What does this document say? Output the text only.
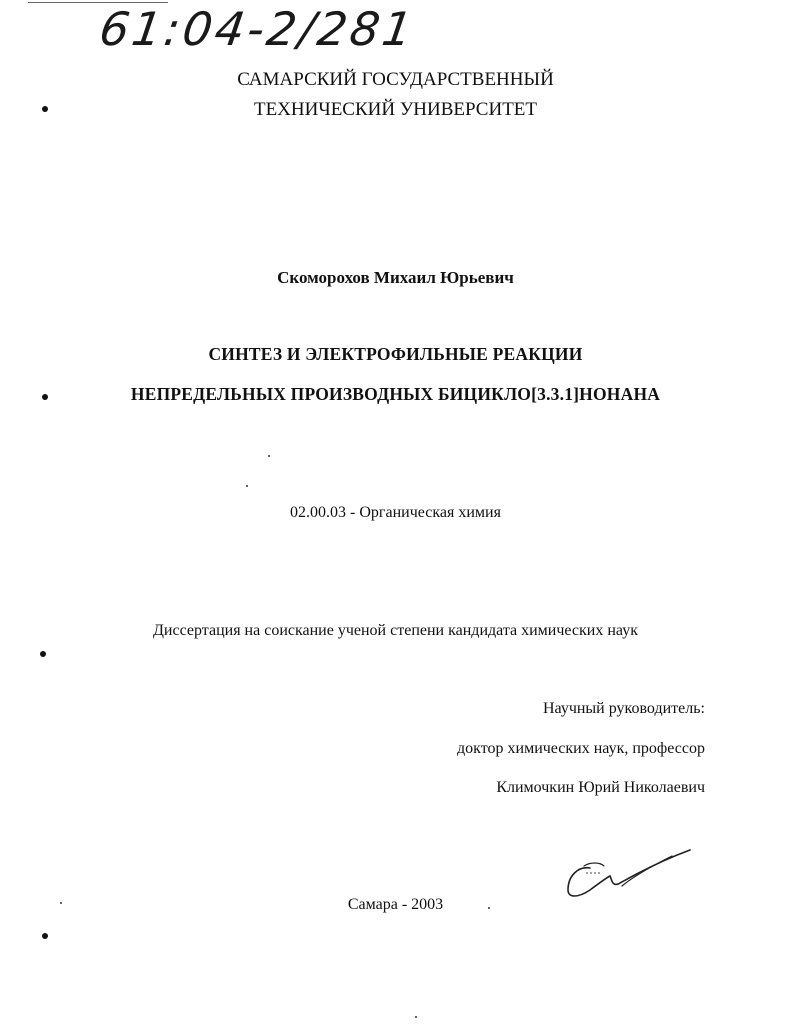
61:04-2/281
САМАРСКИЙ ГОСУДАРСТВЕННЫЙ
ТЕХНИЧЕСКИЙ УНИВЕРСИТЕТ
Скоморохов Михаил Юрьевич
СИНТЕЗ И ЭЛЕКТРОФИЛЬНЫЕ РЕАКЦИИ
НЕПРЕДЕЛЬНЫХ ПРОИЗВОДНЫХ БИЦИКЛО[3.3.1]НОНАНА
02.00.03 - Органическая химия
Диссертация на соискание ученой степени кандидата химических наук
Научный руководитель:
доктор химических наук, профессор
Климочкин Юрий Николаевич
Самара - 2003
